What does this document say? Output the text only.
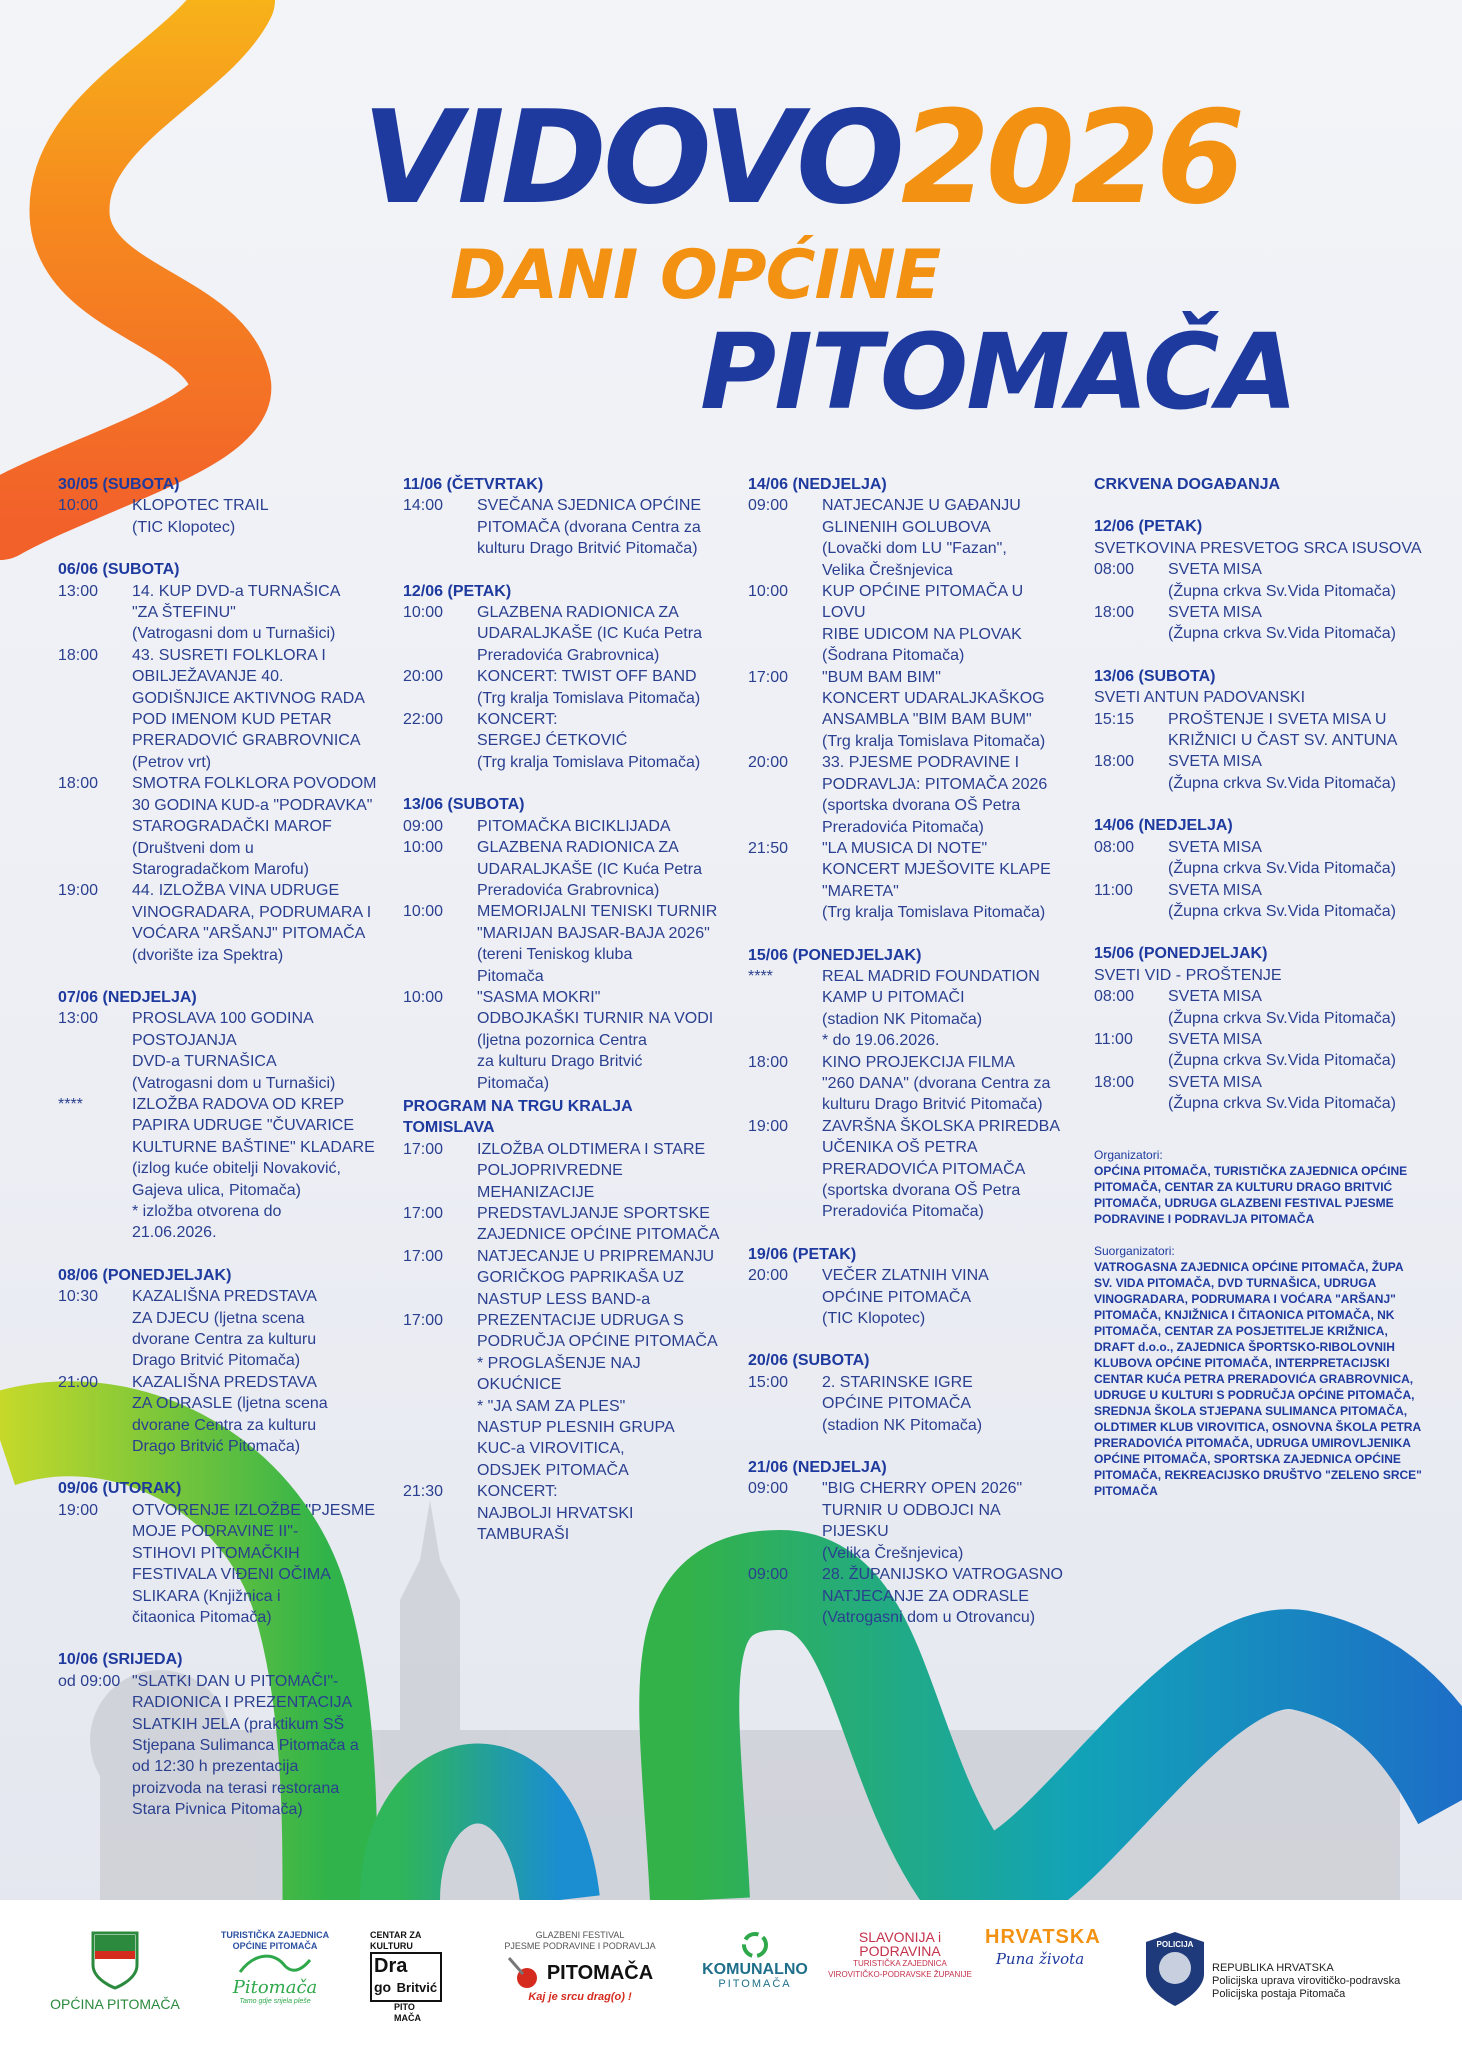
VIDOVO2026
DANI OPĆINE
PITOMAČA
30/05 (SUBOTA)
10:00	KLOPOTEC TRAIL
(TIC Klopotec)
06/06 (SUBOTA)
13:00	14. KUP DVD-a TURNAŠICA
"ZA ŠTEFINU"
(Vatrogasni dom u Turnašici)
18:00	43. SUSRETI FOLKLORA I
OBILJEŽAVANJE 40.
GODIŠNJICE AKTIVNOG RADA
POD IMENOM KUD PETAR
PRERADOVIĆ GRABROVNICA
(Petrov vrt)
18:00	SMOTRA FOLKLORA POVODOM
30 GODINA KUD-a "PODRAVKA"
STAROGRADAČKI MAROF
(Društveni dom u
Starogradačkom Marofu)
19:00	44. IZLOŽBA VINA UDRUGE
VINOGRADARA, PODRUMARA I
VOĆARA "ARŠANJ" PITOMAČA
(dvorište iza Spektra)
07/06 (NEDJELJA)
13:00	PROSLAVA 100 GODINA
POSTOJANJA
DVD-a TURNAŠICA
(Vatrogasni dom u Turnašici)
****	IZLOŽBA RADOVA OD KREP
PAPIRA UDRUGE "ČUVARICE
KULTURNE BAŠTINE" KLADARE
(izlog kuće obitelji Novaković,
Gajeva ulica, Pitomača)
* izložba otvorena do
21.06.2026.
08/06 (PONEDJELJAK)
10:30	KAZALIŠNA PREDSTAVA
ZA DJECU (ljetna scena
dvorane Centra za kulturu
Drago Britvić Pitomača)
21:00	KAZALIŠNA PREDSTAVA
ZA ODRASLE (ljetna scena
dvorane Centra za kulturu
Drago Britvić Pitomača)
09/06 (UTORAK)
19:00	OTVORENJE IZLOŽBE "PJESME
MOJE PODRAVINE II"-
STIHOVI PITOMAČKIH
FESTIVALA VIĐENI OČIMA
SLIKARA (Knjižnica i
čitaonica Pitomača)
10/06 (SRIJEDA)
od 09:00 "SLATKI DAN U PITOMAČI"-
RADIONICA I PREZENTACIJA
SLATKIH JELA (praktikum SŠ
Stjepana Sulimanca Pitomača a
od 12:30 h prezentacija
proizvoda na terasi restorana
Stara Pivnica Pitomača)
11/06 (ČETVRTAK)
14:00	SVEČANA SJEDNICA OPĆINE
PITOMAČA (dvorana Centra za
kulturu Drago Britvić Pitomača)
12/06 (PETAK)
10:00	GLAZBENA RADIONICA ZA
UDARALJKAŠE (IC Kuća Petra
Preradovića Grabrovnica)
20:00	KONCERT: TWIST OFF BAND
(Trg kralja Tomislava Pitomača)
22:00	KONCERT:
SERGEJ ĆETKOVIĆ
(Trg kralja Tomislava Pitomača)
13/06 (SUBOTA)
09:00	PITOMAČKA BICIKLIJADA
10:00	GLAZBENA RADIONICA ZA
UDARALJKAŠE (IC Kuća Petra
Preradovića Grabrovnica)
10:00	MEMORIJALNI TENISKI TURNIR
"MARIJAN BAJSAR-BAJA 2026"
(tereni Teniskog kluba
Pitomača
10:00	"SASMA MOKRI"
ODBOJKAŠKI TURNIR NA VODI
(ljetna pozornica Centra
za kulturu Drago Britvić
Pitomača)
PROGRAM NA TRGU KRALJA TOMISLAVA
17:00	IZLOŽBA OLDTIMERA I STARE
POLJOPRIVREDNE
MEHANIZACIJE
17:00	PREDSTAVLJANJE SPORTSKE
ZAJEDNICE OPĆINE PITOMAČA
17:00	NATJECANJE U PRIPREMANJU
GORIČKOG PAPRIKAŠA UZ
NASTUP LESS BAND-a
17:00	PREZENTACIJE UDRUGA S
PODRUČJA OPĆINE PITOMAČA
* PROGLAŠENJE NAJ
OKUĆNICE
* "JA SAM ZA PLES"
NASTUP PLESNIH GRUPA
KUC-a VIROVITICA,
ODSJEK PITOMAČA
21:30	KONCERT:
NAJBOLJI HRVATSKI
TAMBURAŠI
14/06 (NEDJELJA)
09:00	NATJECANJE U GAĐANJU
GLINENIH GOLUBOVA
(Lovački dom LU "Fazan",
Velika Črešnjevica
10:00	KUP OPĆINE PITOMAČA U LOVU
RIBE UDICOM NA PLOVAK
(Šodrana Pitomača)
17:00	"BUM BAM BIM"
KONCERT UDARALJKAŠKOG
ANSAMBLA "BIM BAM BUM"
(Trg kralja Tomislava Pitomača)
20:00	33. PJESME PODRAVINE I
PODRAVLJA: PITOMAČA 2026
(sportska dvorana OŠ Petra
Preradovića Pitomača)
21:50	"LA MUSICA DI NOTE"
KONCERT MJEŠOVITE KLAPE
"MARETA"
(Trg kralja Tomislava Pitomača)
15/06 (PONEDJELJAK)
****	REAL MADRID FOUNDATION
KAMP U PITOMAČI
(stadion NK Pitomača)
* do 19.06.2026.
18:00	KINO PROJEKCIJA FILMA
"260 DANA" (dvorana Centra za
kulturu Drago Britvić Pitomača)
19:00	ZAVRŠNA ŠKOLSKA PRIREDBA
UČENIKA OŠ PETRA
PRERADOVIĆA PITOMAČA
(sportska dvorana OŠ Petra
Preradovića Pitomača)
19/06 (PETAK)
20:00	VEČER ZLATNIH VINA
OPĆINE PITOMAČA
(TIC Klopotec)
20/06 (SUBOTA)
15:00	2. STARINSKE IGRE
OPĆINE PITOMAČA
(stadion NK Pitomača)
21/06 (NEDJELJA)
09:00	"BIG CHERRY OPEN 2026"
TURNIR U ODBOJCI NA
PIJESKU
(Velika Črešnjevica)
09:00	28. ŽUPANIJSKO VATROGASNO
NATJECANJE ZA ODRASLE
(Vatrogasni dom u Otrovancu)
CRKVENA DOGAĐANJA
12/06 (PETAK)
SVETKOVINA PRESVETOG SRCA ISUSOVA
08:00	SVETA MISA
(Župna crkva Sv.Vida Pitomača)
18:00	SVETA MISA
(Župna crkva Sv.Vida Pitomača)
13/06 (SUBOTA)
SVETI ANTUN PADOVANSKI
15:15	PROŠTENJE I SVETA MISA U
KRIŽNICI U ČAST SV. ANTUNA
18:00	SVETA MISA
(Župna crkva Sv.Vida Pitomača)
14/06 (NEDJELJA)
08:00	SVETA MISA
(Župna crkva Sv.Vida Pitomača)
11:00	SVETA MISA
(Župna crkva Sv.Vida Pitomača)
15/06 (PONEDJELJAK)
SVETI VID - PROŠTENJE
08:00	SVETA MISA
(Župna crkva Sv.Vida Pitomača)
11:00	SVETA MISA
(Župna crkva Sv.Vida Pitomača)
18:00	SVETA MISA
(Župna crkva Sv.Vida Pitomača)
Organizatori:
OPĆINA PITOMAČA, TURISTIČKA ZAJEDNICA OPĆINE PITOMAČA, CENTAR ZA KULTURU DRAGO BRITVIĆ PITOMAČA, UDRUGA GLAZBENI FESTIVAL PJESME PODRAVINE I PODRAVLJA PITOMAČA
Suorganizatori:
VATROGASNA ZAJEDNICA OPĆINE PITOMAČA, ŽUPA SV. VIDA PITOMAČA, DVD TURNAŠICA, UDRUGA VINOGRADARA, PODRUMARA I VOĆARA "ARŠANJ" PITOMAČA, KNJIŽNICA I ČITAONICA PITOMAČA, NK PITOMAČA, CENTAR ZA POSJETITELJE KRIŽNICA, DRAFT d.o.o., ZAJEDNICA ŠPORTSKO-RIBOLOVNIH KLUBOVA OPĆINE PITOMAČA, INTERPRETACIJSKI CENTAR KUĆA PETRA PRERADOVIĆA GRABROVNICA, UDRUGE U KULTURI S PODRUČJA OPĆINE PITOMAČA, SREDNJA ŠKOLA STJEPANA SULIMANCA PITOMAČA, OLDTIMER KLUB VIROVITICA, OSNOVNA ŠKOLA PETRA PRERADOVIĆA PITOMAČA, UDRUGA UMIROVLJENIKA OPĆINE PITOMAČA, SPORTSKA ZAJEDNICA OPĆINE PITOMAČA, REKREACIJSKO DRUŠTVO "ZELENO SRCE" PITOMAČA
OPĆINA PITOMAČA
TURISTIČKA ZAJEDNICA
OPĆINE PITOMAČA
Pitomača
Tamo gdje srijela pleše
CENTAR ZA KULTURU
Dra
go Britvić
PITO
MAČA
GLAZBENI FESTIVAL
PJESME PODRAVINE I PODRAVLJA
PITOMAČA
Kaj je srcu drag(o) !
KOMUNALNO
PITOMAČA
SLAVONIJA i
PODRAVINA
TURISTIČKA ZAJEDNICA
VIROVITIČKO-PODRAVSKE ŽUPANIJE
HRVATSKA
Puna života
POLICIJA
MUP
REPUBLIKA HRVATSKA
Policijska uprava virovitičko-podravska
Policijska postaja Pitomača
